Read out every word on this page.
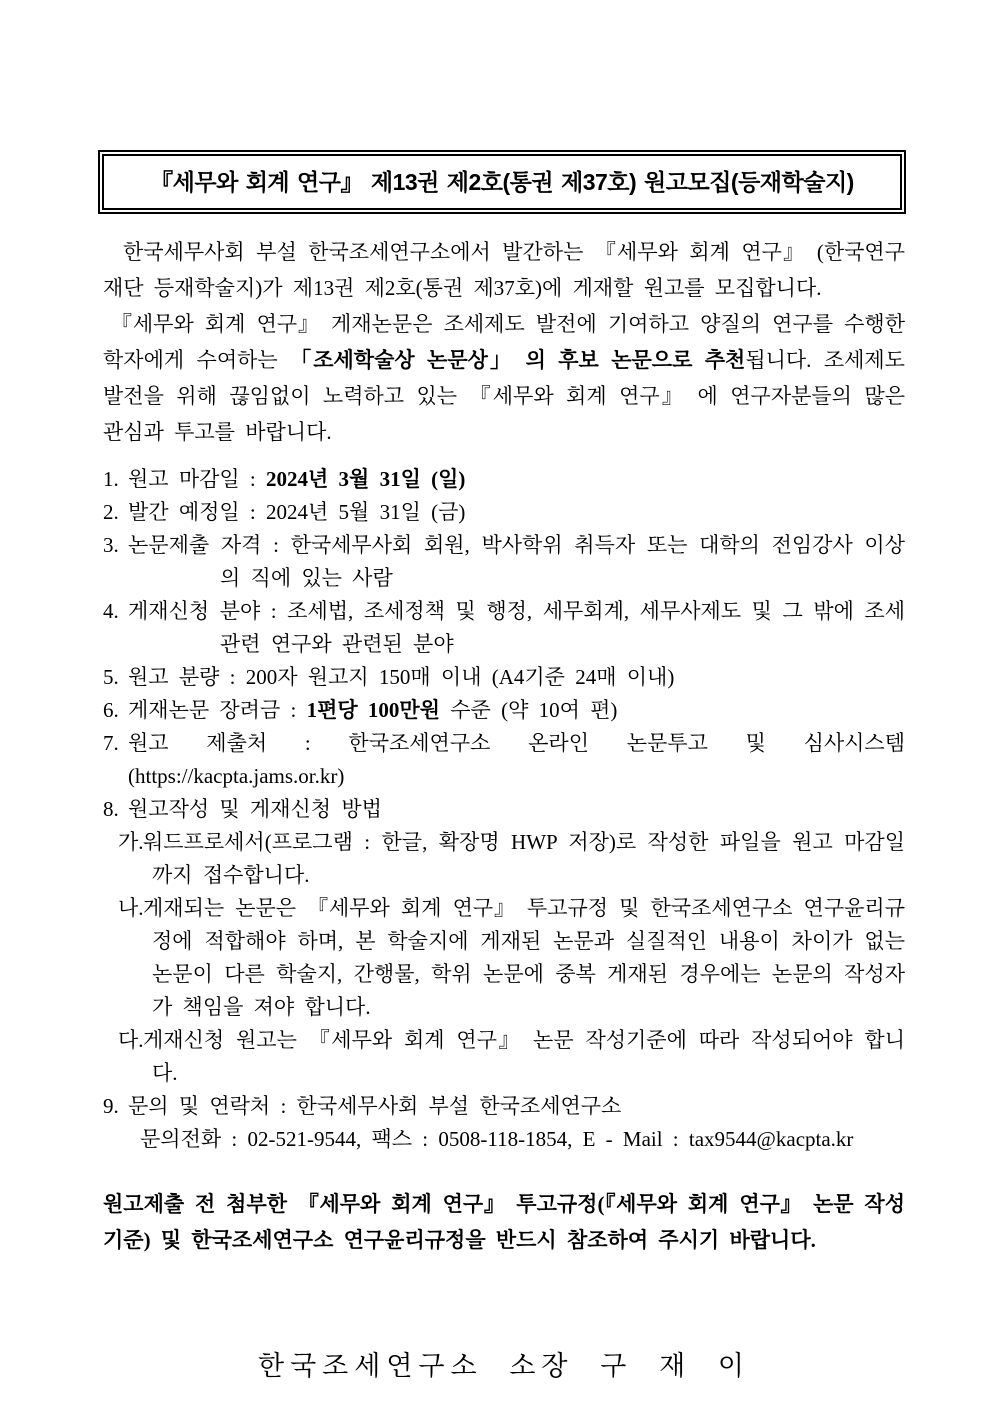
『세무와 회계 연구』 제13권 제2호(통권 제37호) 원고모집(등재학술지)

한국세무사회 부설 한국조세연구소에서 발간하는 『세무와 회계 연구』 (한국연구재단 등재학술지)가 제13권 제2호(통권 제37호)에 게재할 원고를 모집합니다.

『세무와 회계 연구』 게재논문은 조세제도 발전에 기여하고 양질의 연구를 수행한 학자에게 수여하는 「조세학술상 논문상」 의 후보 논문으로 추천됩니다. 조세제도 발전을 위해 끊임없이 노력하고 있는 『세무와 회계 연구』 에 연구자분들의 많은 관심과 투고를 바랍니다.

1. 원고 마감일 : 2024년 3월 31일 (일)
2. 발간 예정일 : 2024년 5월 31일 (금)
3. 논문제출 자격 : 한국세무사회 회원, 박사학위 취득자 또는 대학의 전임강사 이상의 직에 있는 사람
4. 게재신청 분야 : 조세법, 조세정책 및 행정, 세무회계, 세무사제도 및 그 밖에 조세관련 연구와 관련된 분야
5. 원고 분량 : 200자 원고지 150매 이내 (A4기준 24매 이내)
6. 게재논문 장려금 : 1편당 100만원 수준 (약 10여 편)
7. 원고 제출처 : 한국조세연구소 온라인 논문투고 및 심사시스템 (https://kacpta.jams.or.kr)
8. 원고작성 및 게재신청 방법
가. 워드프로세서(프로그램 : 한글, 확장명 HWP 저장)로 작성한 파일을 원고 마감일까지 접수합니다.
나. 게재되는 논문은 『세무와 회계 연구』 투고규정 및 한국조세연구소 연구윤리규정에 적합해야 하며, 본 학술지에 게재된 논문과 실질적인 내용이 차이가 없는 논문이 다른 학술지, 간행물, 학위 논문에 중복 게재된 경우에는 논문의 작성자가 책임을 져야 합니다.
다. 게재신청 원고는 『세무와 회계 연구』 논문 작성기준에 따라 작성되어야 합니다.
9. 문의 및 연락처 : 한국세무사회 부설 한국조세연구소
문의전화 : 02-521-9544, 팩스 : 0508-118-1854, E - Mail : tax9544@kacpta.kr
원고제출 전 첨부한 『세무와 회계 연구』 투고규정(『세무와 회계 연구』 논문 작성기준) 및 한국조세연구소 연구윤리규정을 반드시 참조하여 주시기 바랍니다.
한국조세연구소 소장 구 재 이
